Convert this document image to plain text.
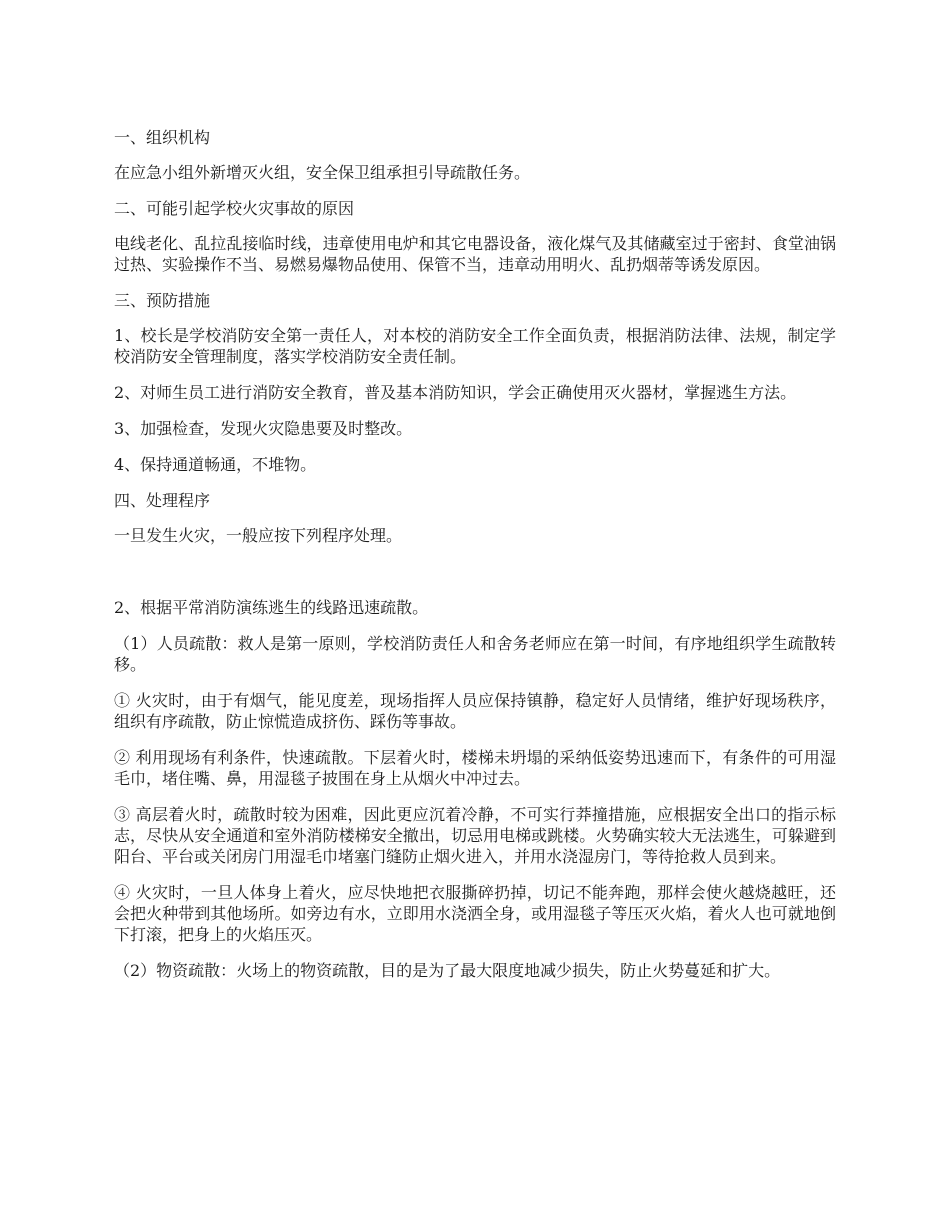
一、组织机构

在应急小组外新增灭火组，安全保卫组承担引导疏散任务。

二、可能引起学校火灾事故的原因

电线老化、乱拉乱接临时线，违章使用电炉和其它电器设备，液化煤气及其储藏室过于密封、食堂油锅过热、实验操作不当、易燃易爆物品使用、保管不当，违章动用明火、乱扔烟蒂等诱发原因。

三、预防措施

1、校长是学校消防安全第一责任人，对本校的消防安全工作全面负责，根据消防法律、法规，制定学校消防安全管理制度，落实学校消防安全责任制。

2、对师生员工进行消防安全教育，普及基本消防知识，学会正确使用灭火器材，掌握逃生方法。

3、加强检查，发现火灾隐患要及时整改。

4、保持通道畅通，不堆物。

四、处理程序

一旦发生火灾，一般应按下列程序处理。

2、根据平常消防演练逃生的线路迅速疏散。

（1）人员疏散：救人是第一原则，学校消防责任人和舍务老师应在第一时间，有序地组织学生疏散转移。

① 火灾时，由于有烟气，能见度差，现场指挥人员应保持镇静，稳定好人员情绪，维护好现场秩序，组织有序疏散，防止惊慌造成挤伤、踩伤等事故。

② 利用现场有利条件，快速疏散。下层着火时，楼梯未坍塌的采纳低姿势迅速而下，有条件的可用湿毛巾，堵住嘴、鼻，用湿毯子披围在身上从烟火中冲过去。

③ 高层着火时，疏散时较为困难，因此更应沉着冷静，不可实行莽撞措施，应根据安全出口的指示标志，尽快从安全通道和室外消防楼梯安全撤出，切忌用电梯或跳楼。火势确实较大无法逃生，可躲避到阳台、平台或关闭房门用湿毛巾堵塞门缝防止烟火进入，并用水浇湿房门，等待抢救人员到来。

④ 火灾时，一旦人体身上着火，应尽快地把衣服撕碎扔掉，切记不能奔跑，那样会使火越烧越旺，还会把火种带到其他场所。如旁边有水，立即用水浇洒全身，或用湿毯子等压灭火焰，着火人也可就地倒下打滚，把身上的火焰压灭。

（2）物资疏散：火场上的物资疏散，目的是为了最大限度地减少损失，防止火势蔓延和扩大。
